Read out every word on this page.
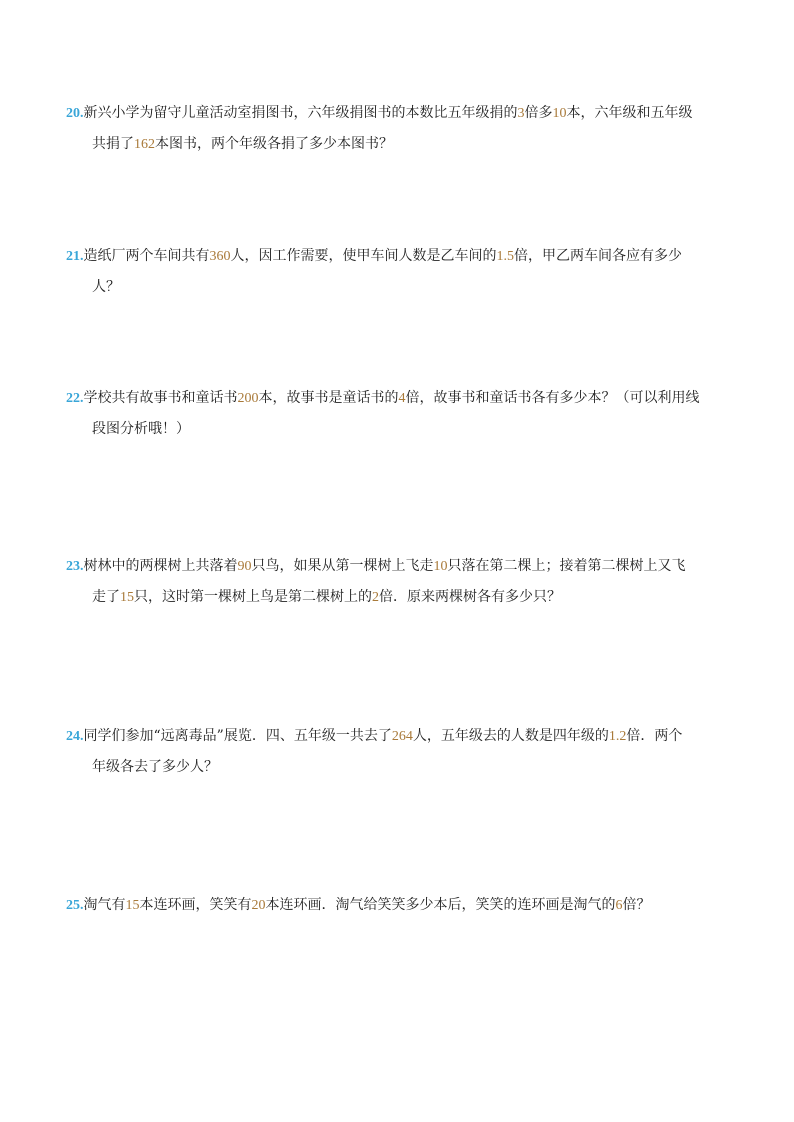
20.新兴小学为留守儿童活动室捐图书，六年级捐图书的本数比五年级捐的3倍多10本，六年级和五年级
共捐了162本图书，两个年级各捐了多少本图书？
21.造纸厂两个车间共有360人，因工作需要，使甲车间人数是乙车间的1.5倍，甲乙两车间各应有多少
人？
22.学校共有故事书和童话书200本，故事书是童话书的4倍，故事书和童话书各有多少本？（可以利用线
段图分析哦！）
23.树林中的两棵树上共落着90只鸟，如果从第一棵树上飞走10只落在第二棵上；接着第二棵树上又飞
走了15只，这时第一棵树上鸟是第二棵树上的2倍．原来两棵树各有多少只？
24.同学们参加“远离毒品”展览．四、五年级一共去了264人，五年级去的人数是四年级的1.2倍．两个
年级各去了多少人？
25.淘气有15本连环画，笑笑有20本连环画．淘气给笑笑多少本后，笑笑的连环画是淘气的6倍？
